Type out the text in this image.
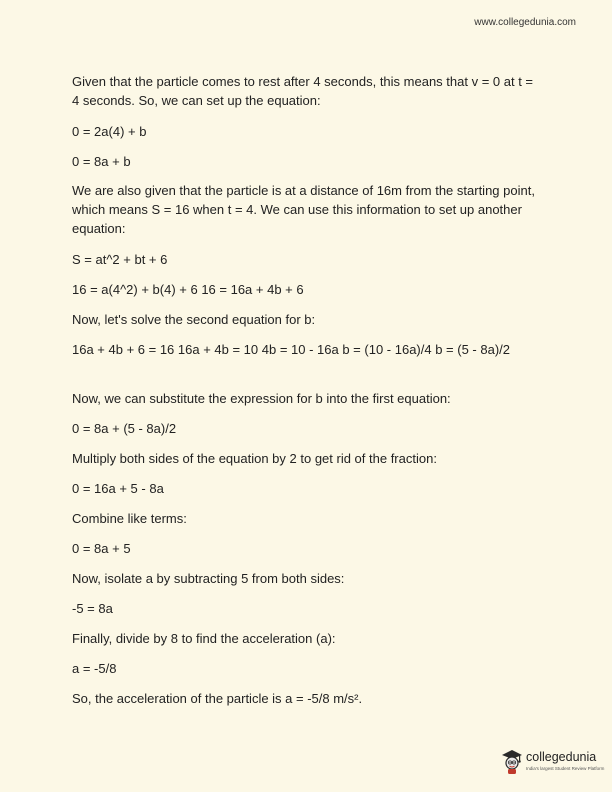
www.collegedunia.com

Given that the particle comes to rest after 4 seconds, this means that v = 0 at t = 4 seconds. So, we can set up the equation:

0 = 2a(4) + b

0 = 8a + b

We are also given that the particle is at a distance of 16m from the starting point, which means S = 16 when t = 4. We can use this information to set up another equation:

S = at^2 + bt + 6

16 = a(4^2) + b(4) + 6 16 = 16a + 4b + 6

Now, let's solve the second equation for b:

16a + 4b + 6 = 16 16a + 4b = 10 4b = 10 - 16a b = (10 - 16a)/4 b = (5 - 8a)/2

Now, we can substitute the expression for b into the first equation:

0 = 8a + (5 - 8a)/2

Multiply both sides of the equation by 2 to get rid of the fraction:

0 = 16a + 5 - 8a

Combine like terms:

0 = 8a + 5

Now, isolate a by subtracting 5 from both sides:

-5 = 8a

Finally, divide by 8 to find the acceleration (a):

a = -5/8

So, the acceleration of the particle is a = -5/8 m/s².

collegedunia
India's largest Student Review Platform
